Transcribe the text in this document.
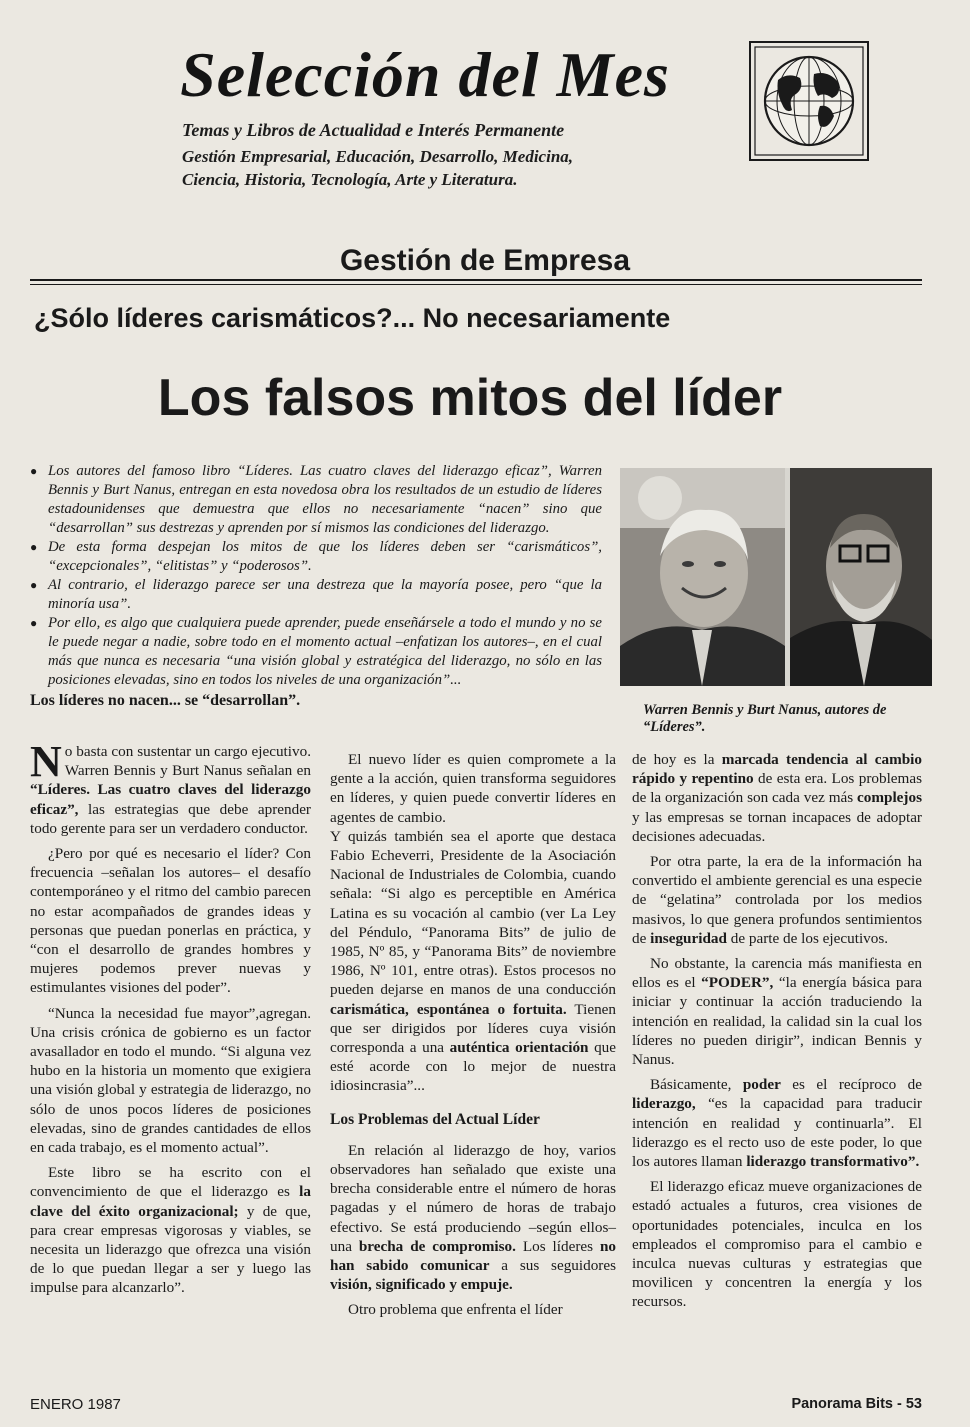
Selección del Mes
Temas y Libros de Actualidad e Interés Permanente
Gestión Empresarial, Educación, Desarrollo, Medicina,
Ciencia, Historia, Tecnología, Arte y Literatura.
Gestión de Empresa
¿Sólo líderes carismáticos?... No necesariamente
Los falsos mitos del líder
● Los autores del famoso libro “Líderes. Las cuatro claves del liderazgo eficaz”, Warren Bennis y Burt Nanus, entregan en esta novedosa obra los resultados de un estudio de líderes estadounidenses que demuestra que ellos no necesariamente “nacen” sino que “desarrollan” sus destrezas y aprenden por sí mismos las condiciones del liderazgo.
● De esta forma despejan los mitos de que los líderes deben ser “carismáticos”, “excepcionales”, “elitistas” y “poderosos”.
● Al contrario, el liderazgo parece ser una destreza que la mayoría posee, pero “que la minoría usa”.
● Por ello, es algo que cualquiera puede aprender, puede enseñársele a todo el mundo y no se le puede negar a nadie, sobre todo en el momento actual –enfatizan los autores–, en el cual más que nunca es necesaria “una visión global y estratégica del liderazgo, no sólo en las posiciones elevadas, sino en todos los niveles de una organización”...
Warren Bennis y Burt Nanus, autores de “Líderes”.
Los líderes no nacen... se “desarrollan”.

No basta con sustentar un cargo ejecutivo. Warren Bennis y Burt Nanus señalan en “Líderes. Las cuatro claves del liderazgo eficaz”, las estrategias que debe aprender todo gerente para ser un verdadero conductor.

¿Pero por qué es necesario el líder? Con frecuencia –señalan los autores– el desafío contemporáneo y el ritmo del cambio parecen no estar acompañados de grandes ideas y personas que puedan ponerlas en práctica, y “con el desarrollo de grandes hombres y mujeres podemos prever nuevas y estimulantes visiones del poder”.

“Nunca la necesidad fue mayor”,agregan. Una crisis crónica de gobierno es un factor avasallador en todo el mundo. “Si alguna vez hubo en la historia un momento que exigiera una visión global y estrategia de liderazgo, no sólo de unos pocos líderes de posiciones elevadas, sino de grandes cantidades de ellos en cada trabajo, es el momento actual”.

Este libro se ha escrito con el convencimiento de que el liderazgo es la clave del éxito organizacional; y de que, para crear empresas vigorosas y viables, se necesita un liderazgo que ofrezca una visión de lo que puedan llegar a ser y luego las impulse para alcanzarlo”.

El nuevo líder es quien compromete a la gente a la acción, quien transforma seguidores en líderes, y quien puede convertir líderes en agentes de cambio.

Y quizás también sea el aporte que destaca Fabio Echeverri, Presidente de la Asociación Nacional de Industriales de Colombia, cuando señala: “Si algo es perceptible en América Latina es su vocación al cambio (ver La Ley del Péndulo, “Panorama Bits” de julio de 1985, Nº 85, y “Panorama Bits” de noviembre 1986, Nº 101, entre otras). Estos procesos no pueden dejarse en manos de una conducción carismática, espontánea o fortuita. Tienen que ser dirigidos por líderes cuya visión corresponda a una auténtica orientación que esté acorde con lo mejor de nuestra idiosincrasia”...

Los Problemas del Actual Líder

En relación al liderazgo de hoy, varios observadores han señalado que existe una brecha considerable entre el número de horas pagadas y el número de horas de trabajo efectivo. Se está produciendo –según ellos– una brecha de compromiso. Los líderes no han sabido comunicar a sus seguidores visión, significado y empuje.

Otro problema que enfrenta el líder

de hoy es la marcada tendencia al cambio rápido y repentino de esta era. Los problemas de la organización son cada vez más complejos y las empresas se tornan incapaces de adoptar decisiones adecuadas.

Por otra parte, la era de la información ha convertido el ambiente gerencial es una especie de “gelatina” controlada por los medios masivos, lo que genera profundos sentimientos de inseguridad de parte de los ejecutivos.

No obstante, la carencia más manifiesta en ellos es el “PODER”, “la energía básica para iniciar y continuar la acción traduciendo la intención en realidad, la calidad sin la cual los líderes no pueden dirigir”, indican Bennis y Nanus.

Básicamente, poder es el recíproco de liderazgo, “es la capacidad para traducir intención en realidad y continuarla”. El liderazgo es el recto uso de este poder, lo que los autores llaman liderazgo transformativo”.

El liderazgo eficaz mueve organizaciones de estadó actuales a futuros, crea visiones de oportunidades potenciales, inculca en los empleados el compromiso para el cambio e inculca nuevas culturas y estrategias que movilicen y concentren la energía y los recursos.

ENERO 1987	Panorama Bits - 53
